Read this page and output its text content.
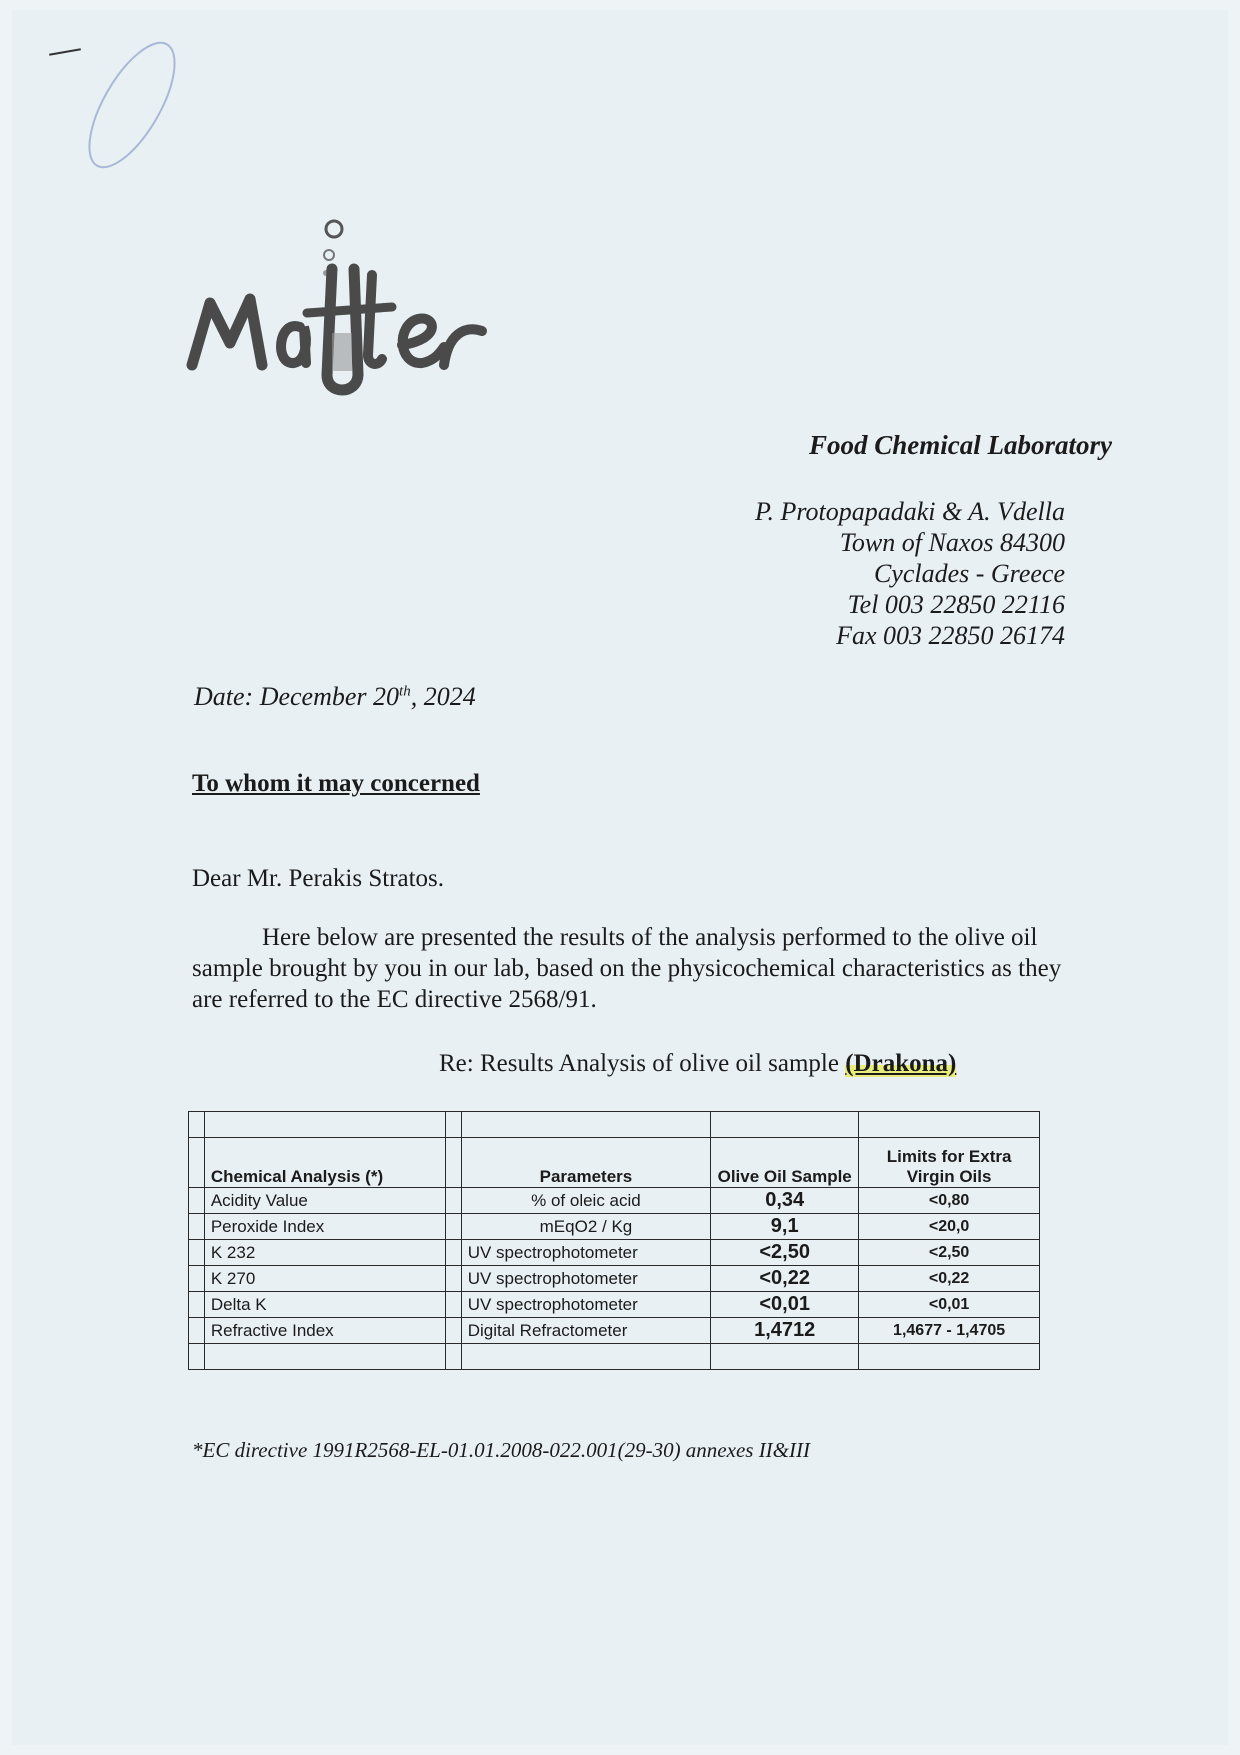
Matter
Food Chemical Laboratory
P. Protopapadaki & A. Vdella
Town of Naxos 84300
Cyclades - Greece
Tel 003 22850 22116
Fax 003 22850 26174
Date: December 20th, 2024
To whom it may concerned
Dear Mr. Perakis Stratos.
Here below are presented the results of the analysis performed to the olive oil sample brought by you in our lab, based on the physicochemical characteristics as they are referred to the EC directive 2568/91.
Re: Results Analysis of olive oil sample (Drakona)

	Chemical Analysis (*)		Parameters	Olive Oil Sample	Limits for Extra Virgin Oils
	Acidity Value		% of oleic acid	0,34	<0,80
	Peroxide Index		mEqO2 / Kg	9,1	<20,0
	K 232		UV spectrophotometer	<2,50	<2,50
	K 270		UV spectrophotometer	<0,22	<0,22
	Delta K		UV spectrophotometer	<0,01	<0,01
	Refractive Index		Digital Refractometer	1,4712	1,4677 - 1,4705

*EC directive 1991R2568-EL-01.01.2008-022.001(29-30) annexes II&III
